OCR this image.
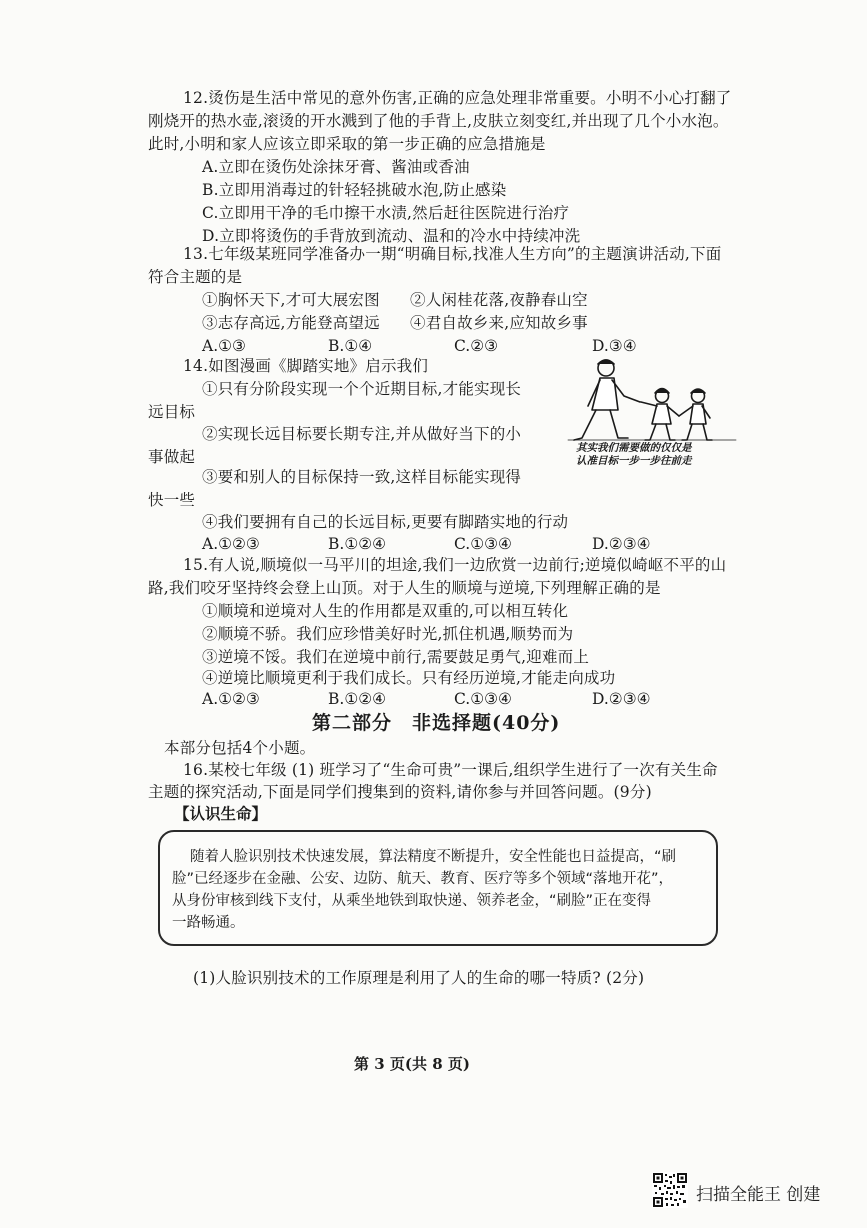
12.烫伤是生活中常见的意外伤害,正确的应急处理非常重要。小明不小心打翻了
刚烧开的热水壶,滚烫的开水溅到了他的手背上,皮肤立刻变红,并出现了几个小水泡。
此时,小明和家人应该立即采取的第一步正确的应急措施是
A.立即在烫伤处涂抹牙膏、酱油或香油
B.立即用消毒过的针轻轻挑破水泡,防止感染
C.立即用干净的毛巾擦干水渍,然后赶往医院进行治疗
D.立即将烫伤的手背放到流动、温和的冷水中持续冲洗
13.七年级某班同学准备办一期“明确目标,找准人生方向”的主题演讲活动,下面
符合主题的是
①胸怀天下,才可大展宏图 ②人闲桂花落,夜静春山空
③志存高远,方能登高望远 ④君自故乡来,应知故乡事
A.①③	B.①④	C.②③	D.③④
14.如图漫画《脚踏实地》启示我们
①只有分阶段实现一个个近期目标,才能实现长
远目标
②实现长远目标要长期专注,并从做好当下的小
事做起
③要和别人的目标保持一致,这样目标能实现得
快一些
④我们要拥有自己的长远目标,更要有脚踏实地的行动
A.①②③	B.①②④	C.①③④	D.②③④
其实我们需要做的仅仅是
认准目标一步一步往前走
15.有人说,顺境似一马平川的坦途,我们一边欣赏一边前行;逆境似崎岖不平的山
路,我们咬牙坚持终会登上山顶。对于人生的顺境与逆境,下列理解正确的是
①顺境和逆境对人生的作用都是双重的,可以相互转化
②顺境不骄。我们应珍惜美好时光,抓住机遇,顺势而为
③逆境不馁。我们在逆境中前行,需要鼓足勇气,迎难而上
④逆境比顺境更利于我们成长。只有经历逆境,才能走向成功
A.①②③	B.①②④	C.①③④	D.②③④
第二部分　非选择题(40分)
本部分包括4个小题。
16.某校七年级 (1) 班学习了“生命可贵”一课后,组织学生进行了一次有关生命
主题的探究活动,下面是同学们搜集到的资料,请你参与并回答问题。(9分)
【认识生命】
随着人脸识别技术快速发展，算法精度不断提升，安全性能也日益提高，“刷
脸”已经逐步在金融、公安、边防、航天、教育、医疗等多个领域“落地开花”，
从身份审核到线下支付，从乘坐地铁到取快递、领养老金，“刷脸”正在变得
一路畅通。
(1)人脸识别技术的工作原理是利用了人的生命的哪一特质? (2分)
第 3 页(共 8 页)
扫描全能王 创建
